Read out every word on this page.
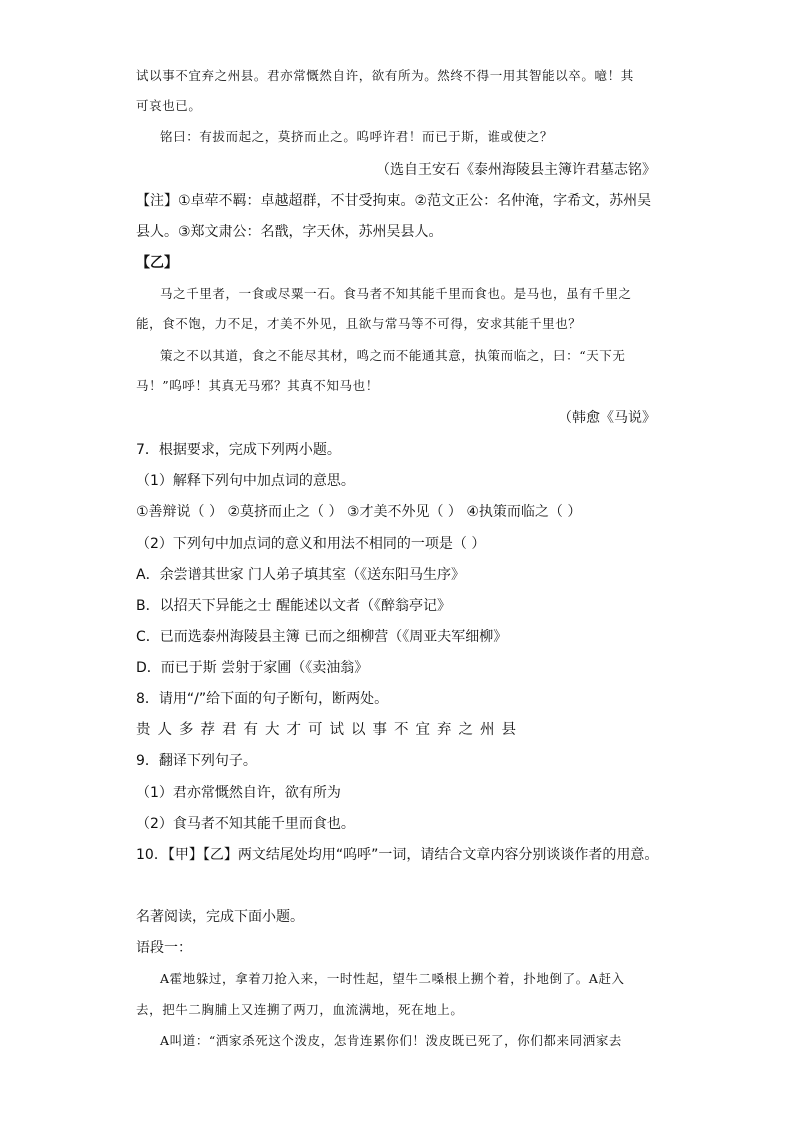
试以事不宜弃之州县。君亦常慨然自许，欲有所为。然终不得一用其智能以卒。噫！其
可哀也已。
铭曰：有拔而起之，莫挤而止之。呜呼许君！而已于斯，谁或使之？
（选自王安石《泰州海陵县主簿许君墓志铭》
【注】①卓荦不羁：卓越超群，不甘受拘束。②范文正公：名仲淹，字希文，苏州吴
县人。③郑文肃公：名戬，字天休，苏州吴县人。
【乙】
马之千里者，一食或尽粟一石。食马者不知其能千里而食也。是马也，虽有千里之
能，食不饱，力不足，才美不外见，且欲与常马等不可得，安求其能千里也？
策之不以其道，食之不能尽其材，鸣之而不能通其意，执策而临之，曰：“天下无
马！”呜呼！其真无马邪？其真不知马也！
（韩愈《马说》
7．根据要求，完成下列两小题。
（1）解释下列句中加点词的意思。
①善辩说（ ） ②莫挤而止之（ ） ③才美不外见（ ） ④执策而临之（ ）
（2）下列句中加点词的意义和用法不相同的一项是（ ）
A．余尝谱其世家 门人弟子填其室（《送东阳马生序》
B．以招天下异能之士 醒能述以文者（《醉翁亭记》
C．已而选泰州海陵县主簿 已而之细柳营（《周亚夫军细柳》
D．而已于斯 尝射于家圃（《卖油翁》
8．请用“/”给下面的句子断句，断两处。
贵人多荐君有大才可试以事不宜弃之州县
9．翻译下列句子。
（1）君亦常慨然自许，欲有所为
（2）食马者不知其能千里而食也。
10．【甲】【乙】两文结尾处均用“呜呼”一词，请结合文章内容分别谈谈作者的用意。
名著阅读，完成下面小题。
语段一：
A霍地躲过，拿着刀抢入来，一时性起，望牛二嗓根上搠个着，扑地倒了。A赶入
去，把牛二胸脯上又连搠了两刀，血流满地，死在地上。
A叫道：“洒家杀死这个泼皮，怎肯连累你们！泼皮既已死了，你们都来同洒家去
